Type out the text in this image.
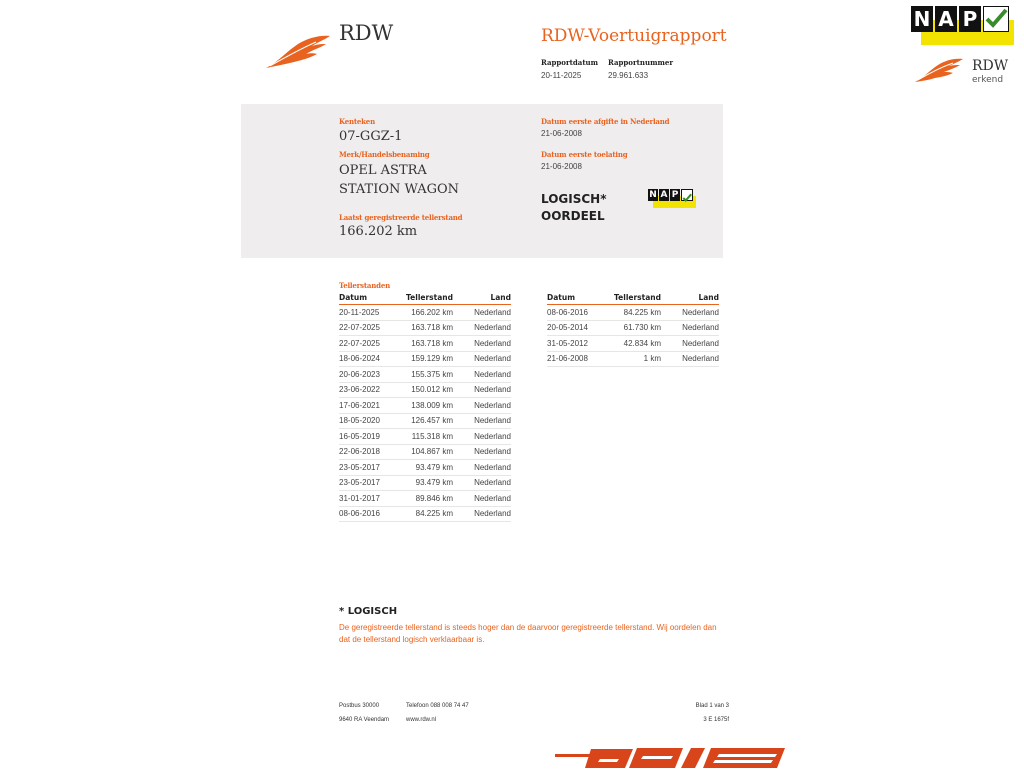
RDW	RDW-Voertuigrapport
Rapportdatum
20-11-2025
Rapportnummer
29.961.633
N A P
RDW
erkend
Kenteken
07-GGZ-1
Merk/Handelsbenaming
OPEL ASTRA
STATION WAGON
Laatst geregistreerde tellerstand
166.202 km
Datum eerste afgifte in Nederland
21-06-2008
Datum eerste toelating
21-06-2008
LOGISCH*
OORDEEL
N A P
Tellerstanden
Datum	Tellerstand	Land
20-11-2025	166.202 km	Nederland
22-07-2025	163.718 km	Nederland
22-07-2025	163.718 km	Nederland
18-06-2024	159.129 km	Nederland
20-06-2023	155.375 km	Nederland
23-06-2022	150.012 km	Nederland
17-06-2021	138.009 km	Nederland
18-05-2020	126.457 km	Nederland
16-05-2019	115.318 km	Nederland
22-06-2018	104.867 km	Nederland
23-05-2017	93.479 km	Nederland
23-05-2017	93.479 km	Nederland
31-01-2017	89.846 km	Nederland
08-06-2016	84.225 km	Nederland
Datum	Tellerstand	Land
08-06-2016	84.225 km	Nederland
20-05-2014	61.730 km	Nederland
31-05-2012	42.834 km	Nederland
21-06-2008	1 km	Nederland
* LOGISCH
De geregistreerde tellerstand is steeds hoger dan de daarvoor geregistreerde tellerstand. Wij oordelen dan
dat de tellerstand logisch verklaarbaar is.
Postbus 30000
9640 RA Veendam
Telefoon 088 008 74 47
www.rdw.nl
Blad 1 van 3
3 E 1675f
